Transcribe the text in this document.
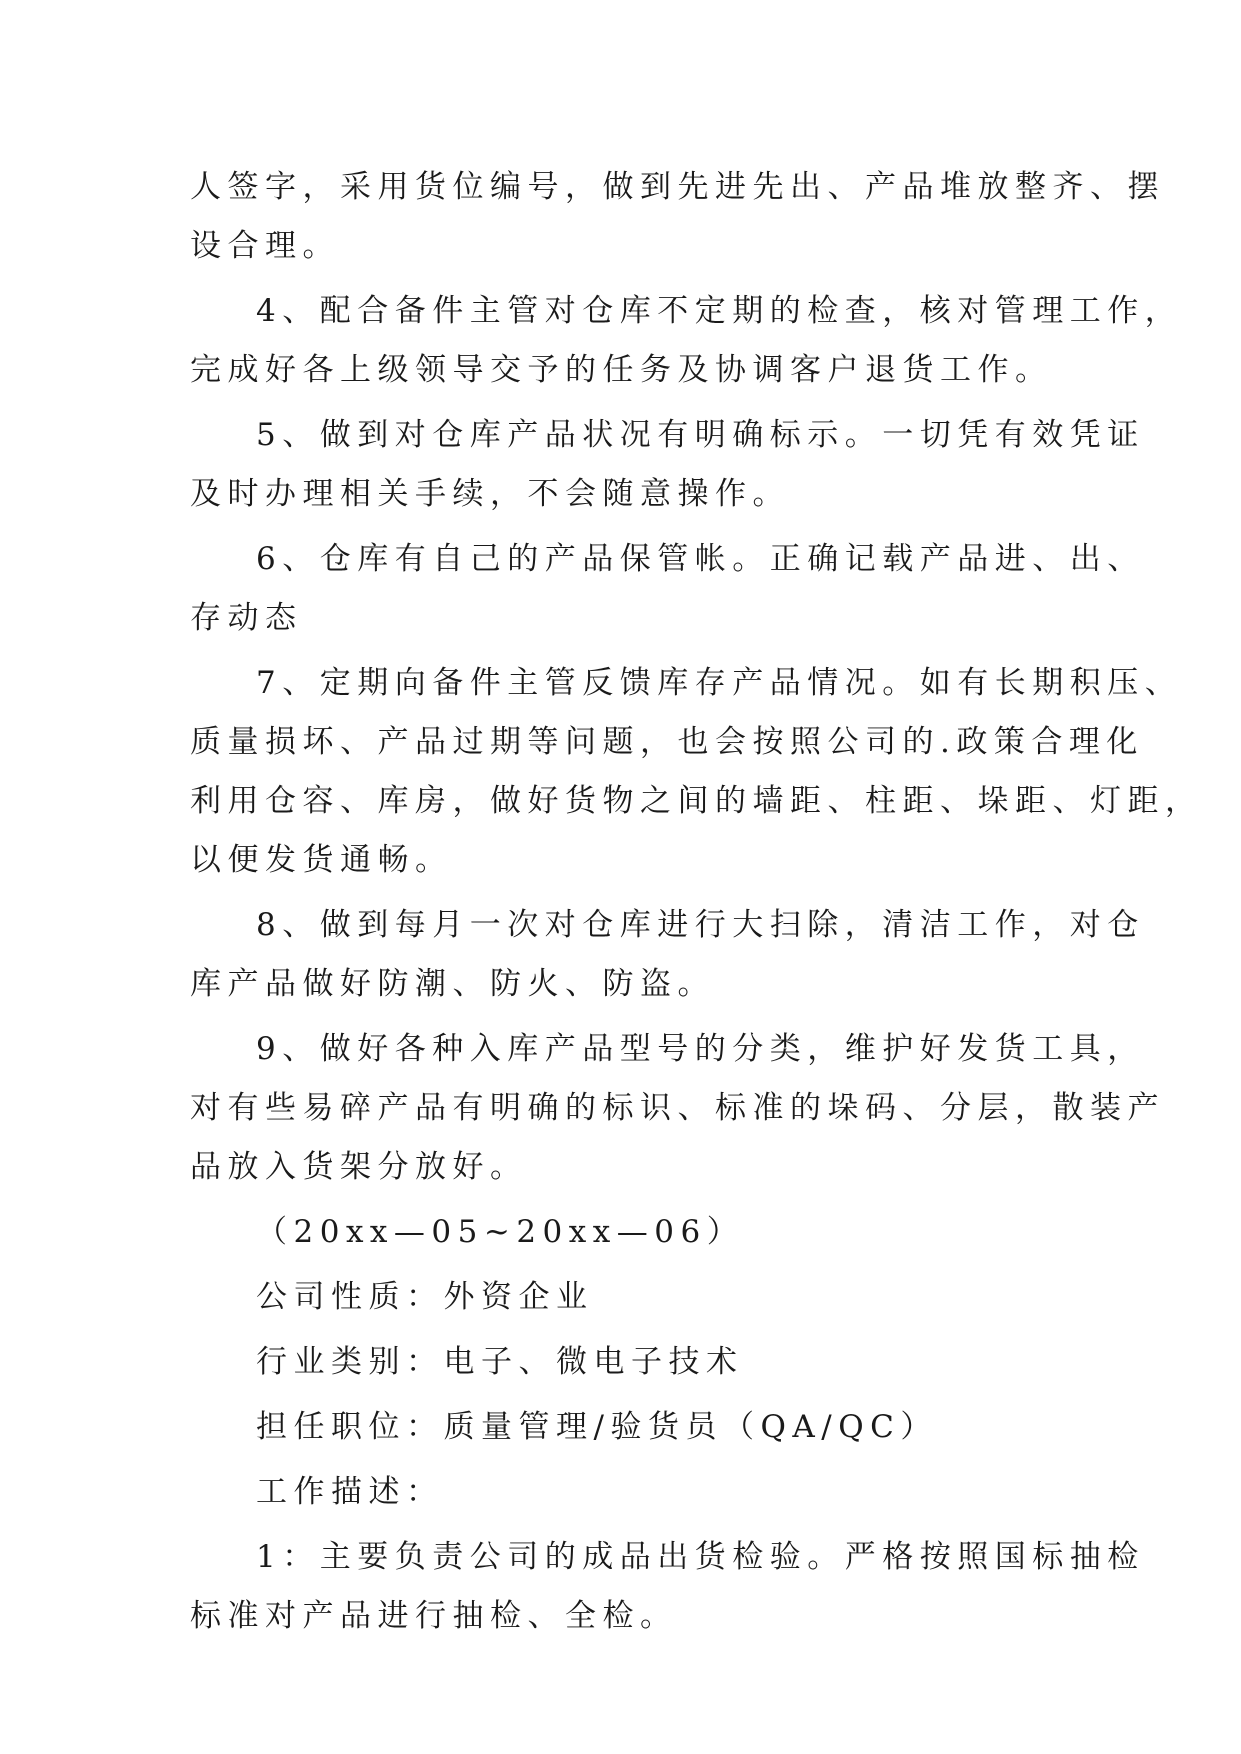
人签字，采用货位编号，做到先进先出、产品堆放整齐、摆

设合理。

4、配合备件主管对仓库不定期的检查，核对管理工作，

完成好各上级领导交予的任务及协调客户退货工作。

5、做到对仓库产品状况有明确标示。一切凭有效凭证

及时办理相关手续，不会随意操作。

6、仓库有自己的产品保管帐。正确记载产品进、出、

存动态

7、定期向备件主管反馈库存产品情况。如有长期积压、

质量损坏、产品过期等问题，也会按照公司的.政策合理化

利用仓容、库房，做好货物之间的墙距、柱距、垛距、灯距，

以便发货通畅。

8、做到每月一次对仓库进行大扫除，清洁工作，对仓

库产品做好防潮、防火、防盗。

9、做好各种入库产品型号的分类，维护好发货工具，

对有些易碎产品有明确的标识、标准的垛码、分层，散装产

品放入货架分放好。

（20xx—05~20xx—06）

公司性质：外资企业

行业类别：电子、微电子技术

担任职位：质量管理/验货员（QA/QC）

工作描述：

1：主要负责公司的成品出货检验。严格按照国标抽检

标准对产品进行抽检、全检。
